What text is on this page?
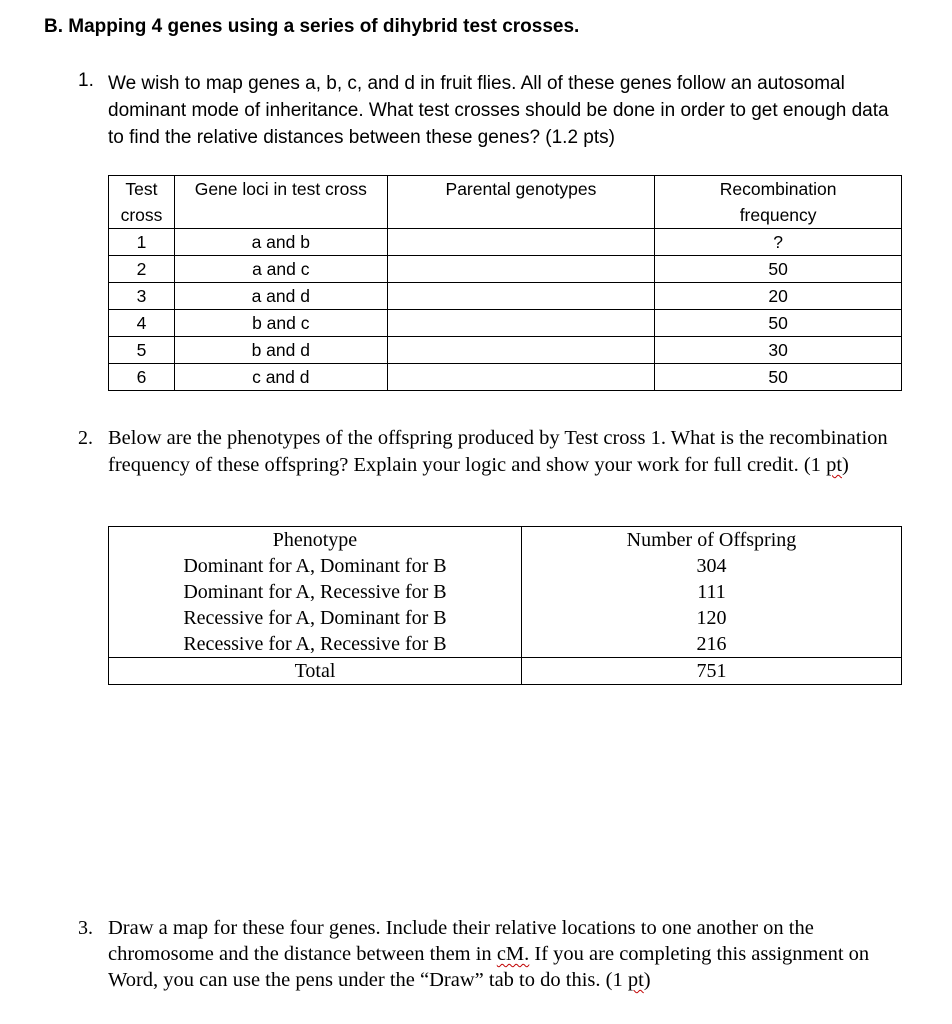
B. Mapping 4 genes using a series of dihybrid test crosses.
1. We wish to map genes a, b, c, and d in fruit flies. All of these genes follow an autosomal dominant mode of inheritance. What test crosses should be done in order to get enough data to find the relative distances between these genes? (1.2 pts)
Test	Gene loci in test cross	Parental genotypes	Recombination
cross			frequency
1	a and b		?
2	a and c		50
3	a and d		20
4	b and c		50
5	b and d		30
6	c and d		50
2. Below are the phenotypes of the offspring produced by Test cross 1. What is the recombination frequency of these offspring? Explain your logic and show your work for full credit. (1 pt)
Phenotype	Number of Offspring
Dominant for A, Dominant for B	304
Dominant for A, Recessive for B	111
Recessive for A, Dominant for B	120
Recessive for A, Recessive for B	216
Total	751
3. Draw a map for these four genes. Include their relative locations to one another on the chromosome and the distance between them in cM. If you are completing this assignment on Word, you can use the pens under the “Draw” tab to do this. (1 pt)
